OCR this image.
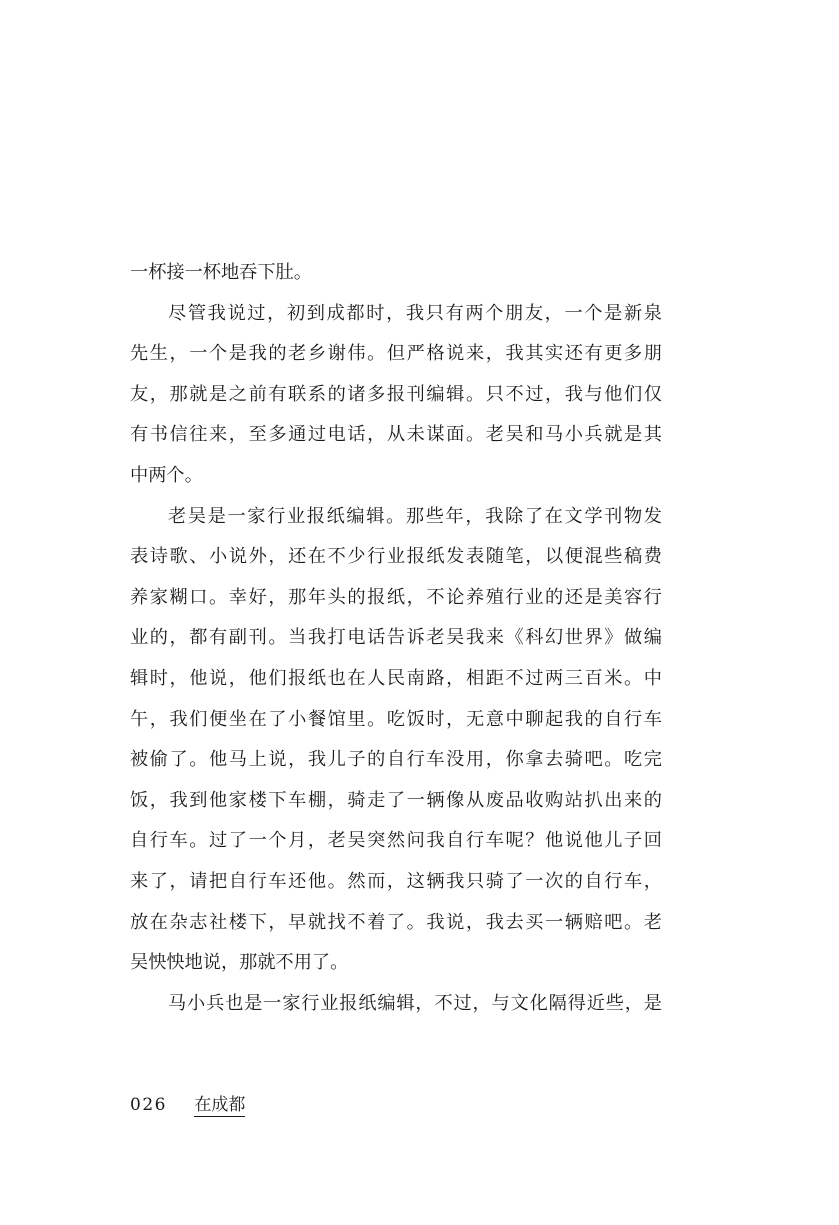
一杯接一杯地吞下肚。
尽管我说过，初到成都时，我只有两个朋友，一个是新泉
先生，一个是我的老乡谢伟。但严格说来，我其实还有更多朋
友，那就是之前有联系的诸多报刊编辑。只不过，我与他们仅
有书信往来，至多通过电话，从未谋面。老吴和马小兵就是其
中两个。
老吴是一家行业报纸编辑。那些年，我除了在文学刊物发
表诗歌、小说外，还在不少行业报纸发表随笔，以便混些稿费
养家糊口。幸好，那年头的报纸，不论养殖行业的还是美容行
业的，都有副刊。当我打电话告诉老吴我来《科幻世界》做编
辑时，他说，他们报纸也在人民南路，相距不过两三百米。中
午，我们便坐在了小餐馆里。吃饭时，无意中聊起我的自行车
被偷了。他马上说，我儿子的自行车没用，你拿去骑吧。吃完
饭，我到他家楼下车棚，骑走了一辆像从废品收购站扒出来的
自行车。过了一个月，老吴突然问我自行车呢？他说他儿子回
来了，请把自行车还他。然而，这辆我只骑了一次的自行车，
放在杂志社楼下，早就找不着了。我说，我去买一辆赔吧。老
吴怏怏地说，那就不用了。
马小兵也是一家行业报纸编辑，不过，与文化隔得近些，是
026 在成都
